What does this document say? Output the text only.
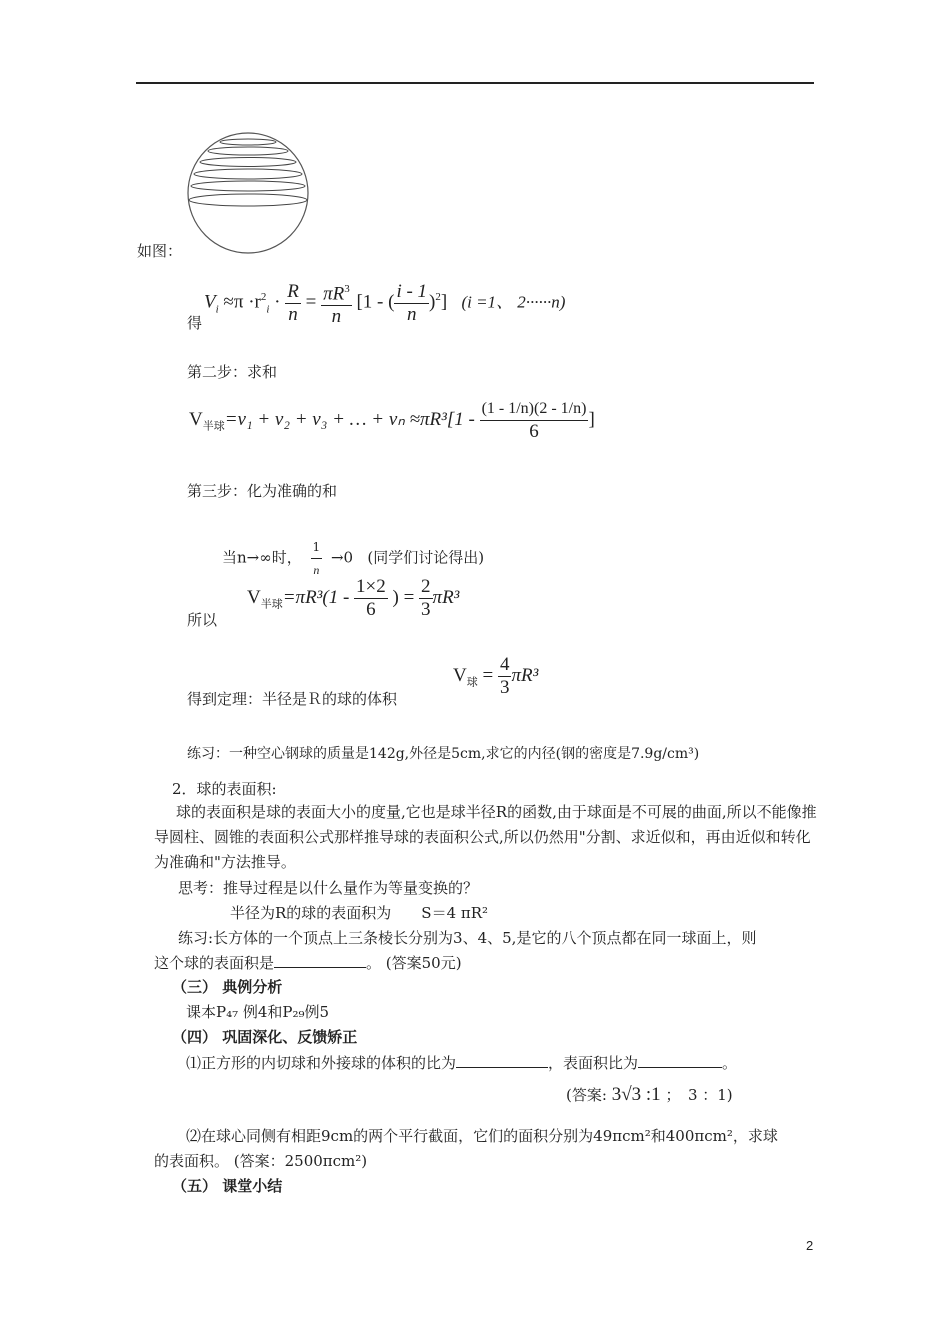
如图：
得
$V_i \approx\pi \cdot r^2_i \cdot \frac{R}{n} = \frac{\pi R^3}{n} [1$ - ( $\frac{i - 1}{n} )^2$] (i =1、 2······n)
第二步：求和
$V_{半球}=v_1 + v_2 + v_3$ + … + $v_n \approx\pi R^3[1 - \frac{(1 - 1/n)(2 - 1/n)}{6}$ ]
第三步：化为准确的和
当n→∞时， $\frac{1}{n} \to 0$ (同学们讨论得出)
所以
$V_{半球}=\pi R^3(1 - \frac{1\times 2}{6}$ ) = $\frac{2}{3} \pi R^3$
得到定理：半径是Ｒ的球的体积
$V_球 = \frac{4}{3} \pi R^3$
练习：一种空心钢球的质量是142g,外径是5cm,求它的内径(钢的密度是7.9g/cm³)
2．球的表面积:
球的表面积是球的表面大小的度量,它也是球半径R的函数,由于球面是不可展的曲面,所以不能像推导圆柱、圆锥的表面积公式那样推导球的表面积公式,所以仍然用"分割、求近似和，再由近似和转化为准确和"方法推导。
思考：推导过程是以什么量作为等量变换的？
半径为R的球的表面积为　　S＝4 πR²
练习:长方体的一个顶点上三条棱长分别为3、4、5,是它的八个顶点都在同一球面上，则
这个球的表面积是	。 (答案50元)
（三） 典例分析
课本P₄₇ 例4和P₂₉例5
（四） 巩固深化、反馈矫正
⑴正方形的内切球和外接球的体积的比为	，表面积比为	。
(答案: 3√3 :1 ；　3 ：1)
⑵在球心同侧有相距9cm的两个平行截面，它们的面积分别为49πcm²和400πcm²，求球
的表面积。 (答案：2500πcm²)
（五） 课堂小结
2
